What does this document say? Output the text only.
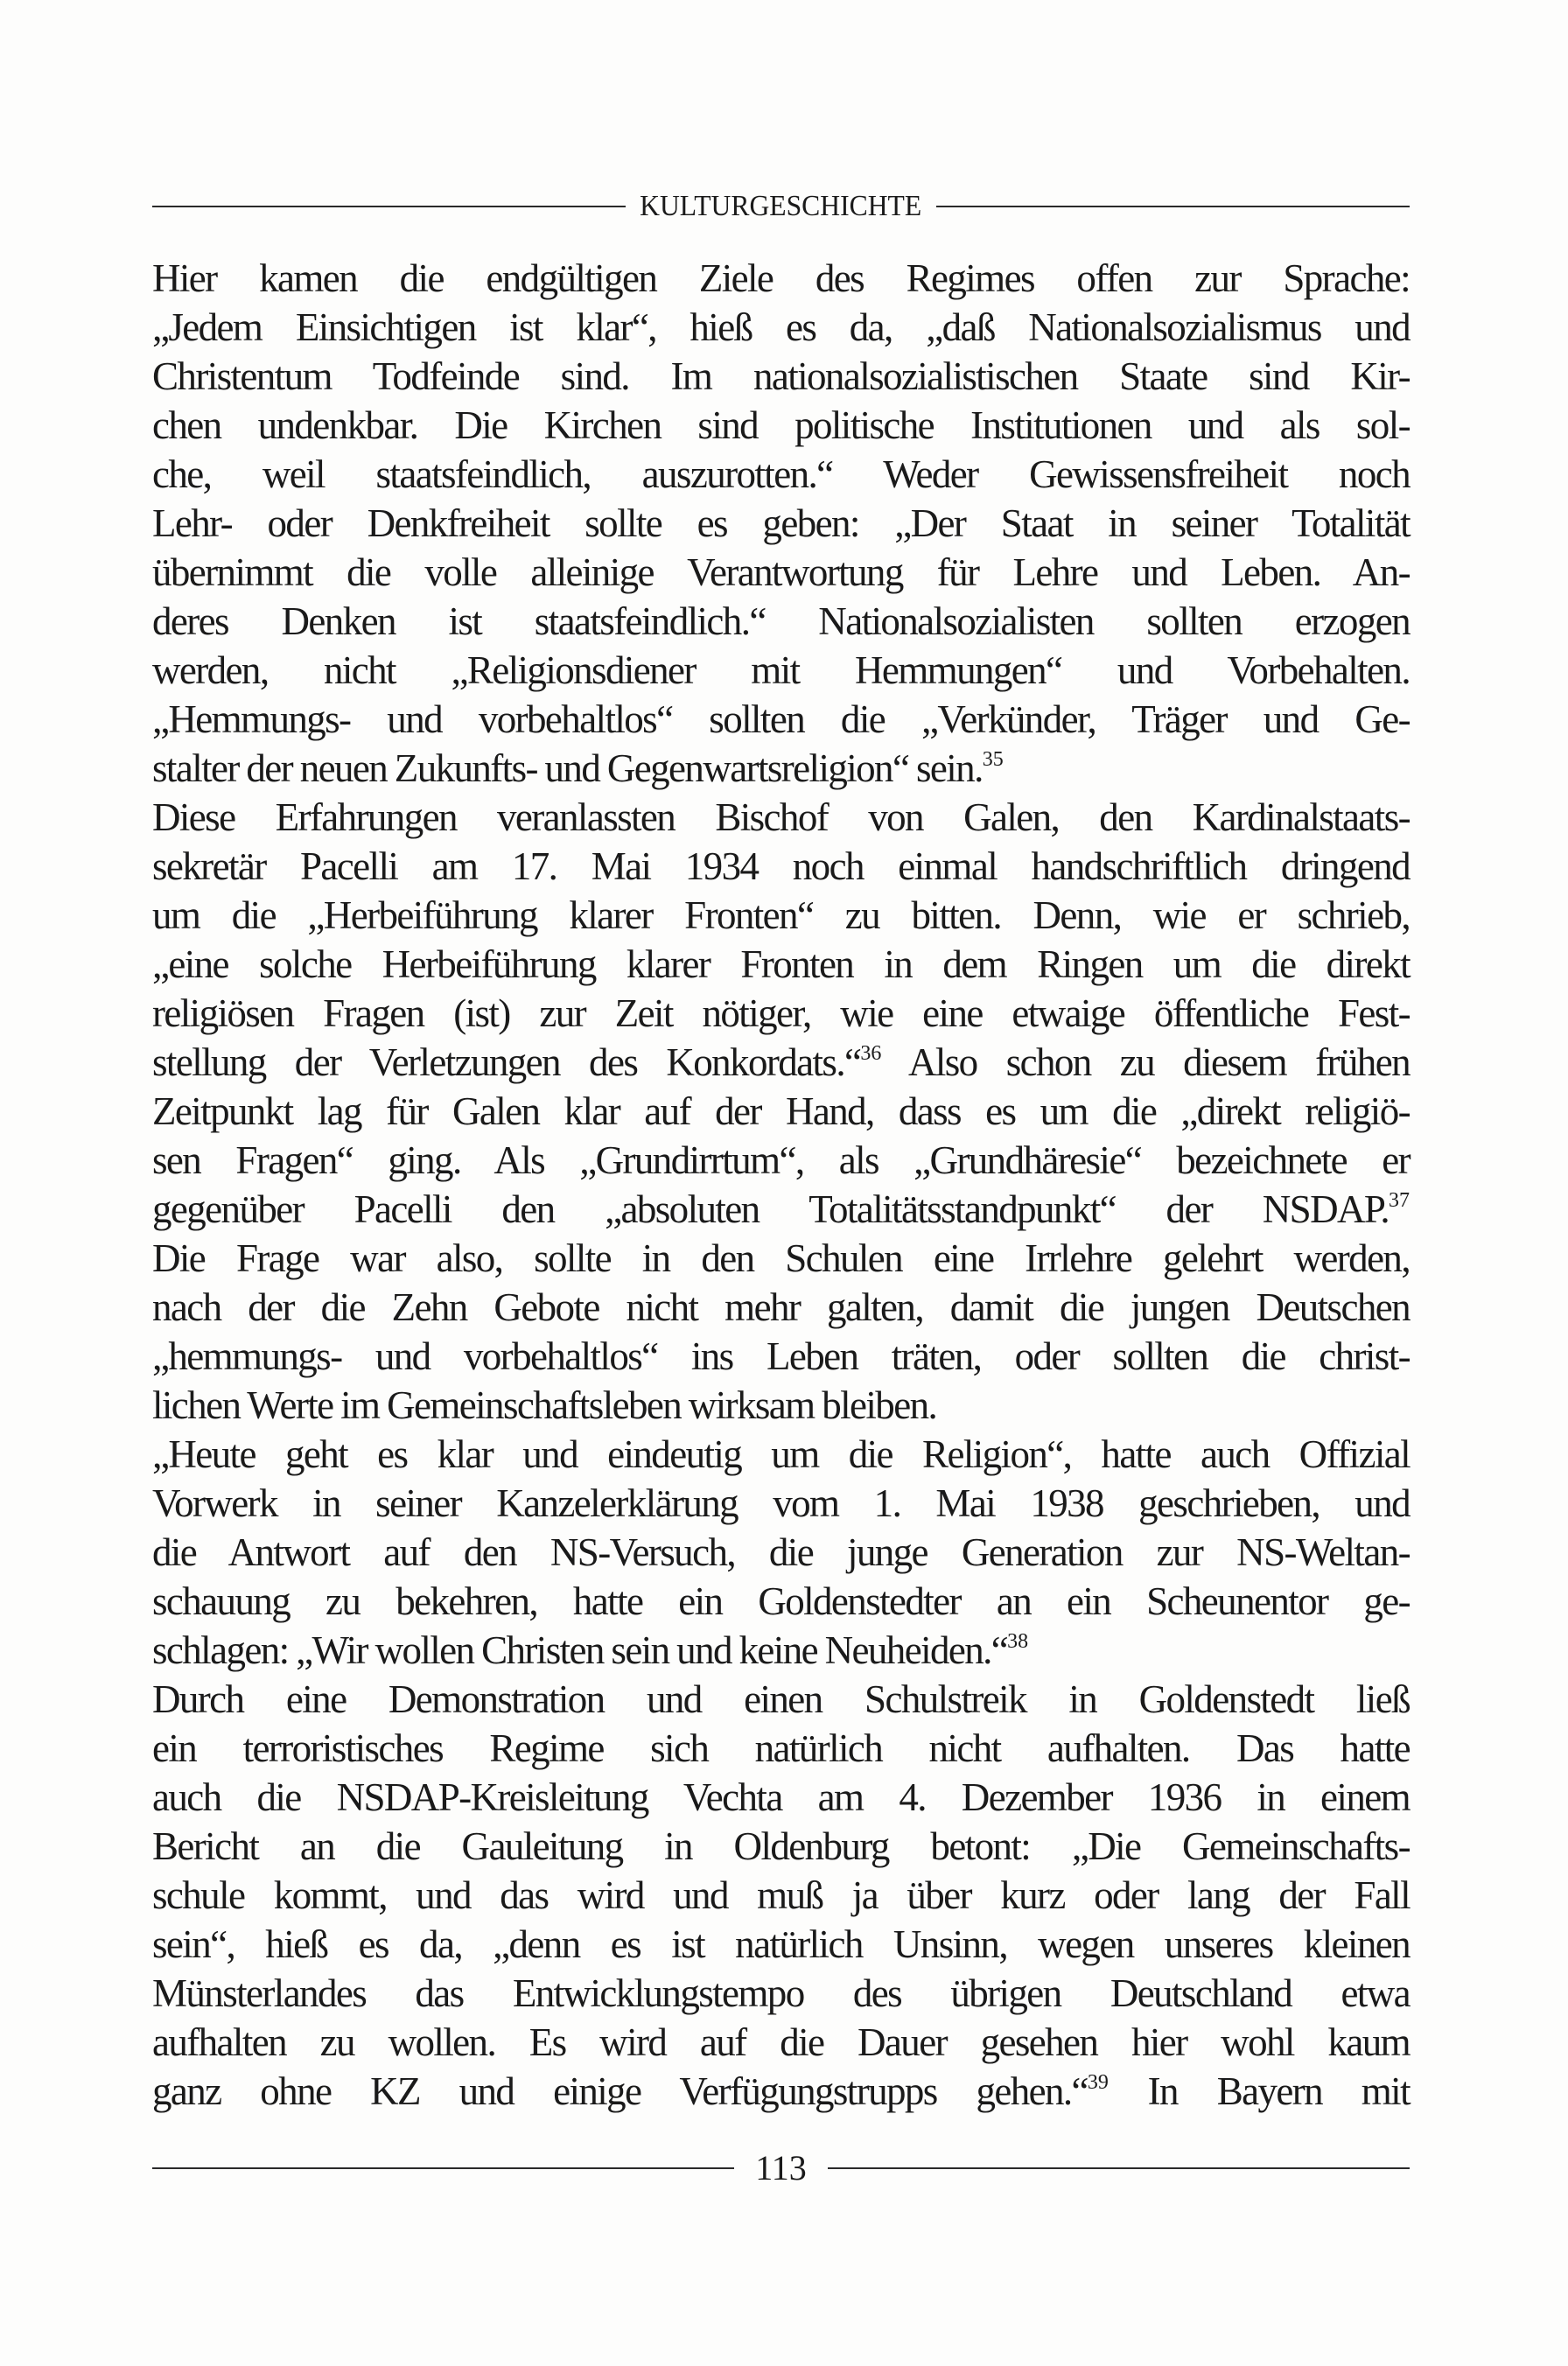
KULTURGESCHICHTE
Hier kamen die endgültigen Ziele des Regimes offen zur Sprache:
„Jedem Einsichtigen ist klar“, hieß es da, „daß Nationalsozialismus und
Christentum Todfeinde sind. Im nationalsozialistischen Staate sind Kir-
chen undenkbar. Die Kirchen sind politische Institutionen und als sol-
che, weil staatsfeindlich, auszurotten.“ Weder Gewissensfreiheit noch
Lehr- oder Denkfreiheit sollte es geben: „Der Staat in seiner Totalität
übernimmt die volle alleinige Verantwortung für Lehre und Leben. An-
deres Denken ist staatsfeindlich.“ Nationalsozialisten sollten erzogen
werden, nicht „Religionsdiener mit Hemmungen“ und Vorbehalten.
„Hemmungs- und vorbehaltlos“ sollten die „Verkünder, Träger und Ge-
stalter der neuen Zukunfts- und Gegenwartsreligion“ sein.$^{35}$
Diese Erfahrungen veranlassten Bischof von Galen, den Kardinalstaats-
sekretär Pacelli am 17. Mai 1934 noch einmal handschriftlich dringend
um die „Herbeiführung klarer Fronten“ zu bitten. Denn, wie er schrieb,
„eine solche Herbeiführung klarer Fronten in dem Ringen um die direkt
religiösen Fragen (ist) zur Zeit nötiger, wie eine etwaige öffentliche Fest-
stellung der Verletzungen des Konkordats.“$^{36}$ Also schon zu diesem frühen
Zeitpunkt lag für Galen klar auf der Hand, dass es um die „direkt religiö-
sen Fragen“ ging. Als „Grundirrtum“, als „Grundhäresie“ bezeichnete er
gegenüber Pacelli den „absoluten Totalitätsstandpunkt“ der NSDAP.$^{37}$
Die Frage war also, sollte in den Schulen eine Irrlehre gelehrt werden,
nach der die Zehn Gebote nicht mehr galten, damit die jungen Deutschen
„hemmungs- und vorbehaltlos“ ins Leben träten, oder sollten die christ-
lichen Werte im Gemeinschaftsleben wirksam bleiben.
„Heute geht es klar und eindeutig um die Religion“, hatte auch Offizial
Vorwerk in seiner Kanzelerklärung vom 1. Mai 1938 geschrieben, und
die Antwort auf den NS-Versuch, die junge Generation zur NS-Weltan-
schauung zu bekehren, hatte ein Goldenstedter an ein Scheunentor ge-
schlagen: „Wir wollen Christen sein und keine Neuheiden.“$^{38}$
Durch eine Demonstration und einen Schulstreik in Goldenstedt ließ
ein terroristisches Regime sich natürlich nicht aufhalten. Das hatte
auch die NSDAP-Kreisleitung Vechta am 4. Dezember 1936 in einem
Bericht an die Gauleitung in Oldenburg betont: „Die Gemeinschafts-
schule kommt, und das wird und muß ja über kurz oder lang der Fall
sein“, hieß es da, „denn es ist natürlich Unsinn, wegen unseres kleinen
Münsterlandes das Entwicklungstempo des übrigen Deutschland etwa
aufhalten zu wollen. Es wird auf die Dauer gesehen hier wohl kaum
ganz ohne KZ und einige Verfügungstrupps gehen.“$^{39}$ In Bayern mit
113
